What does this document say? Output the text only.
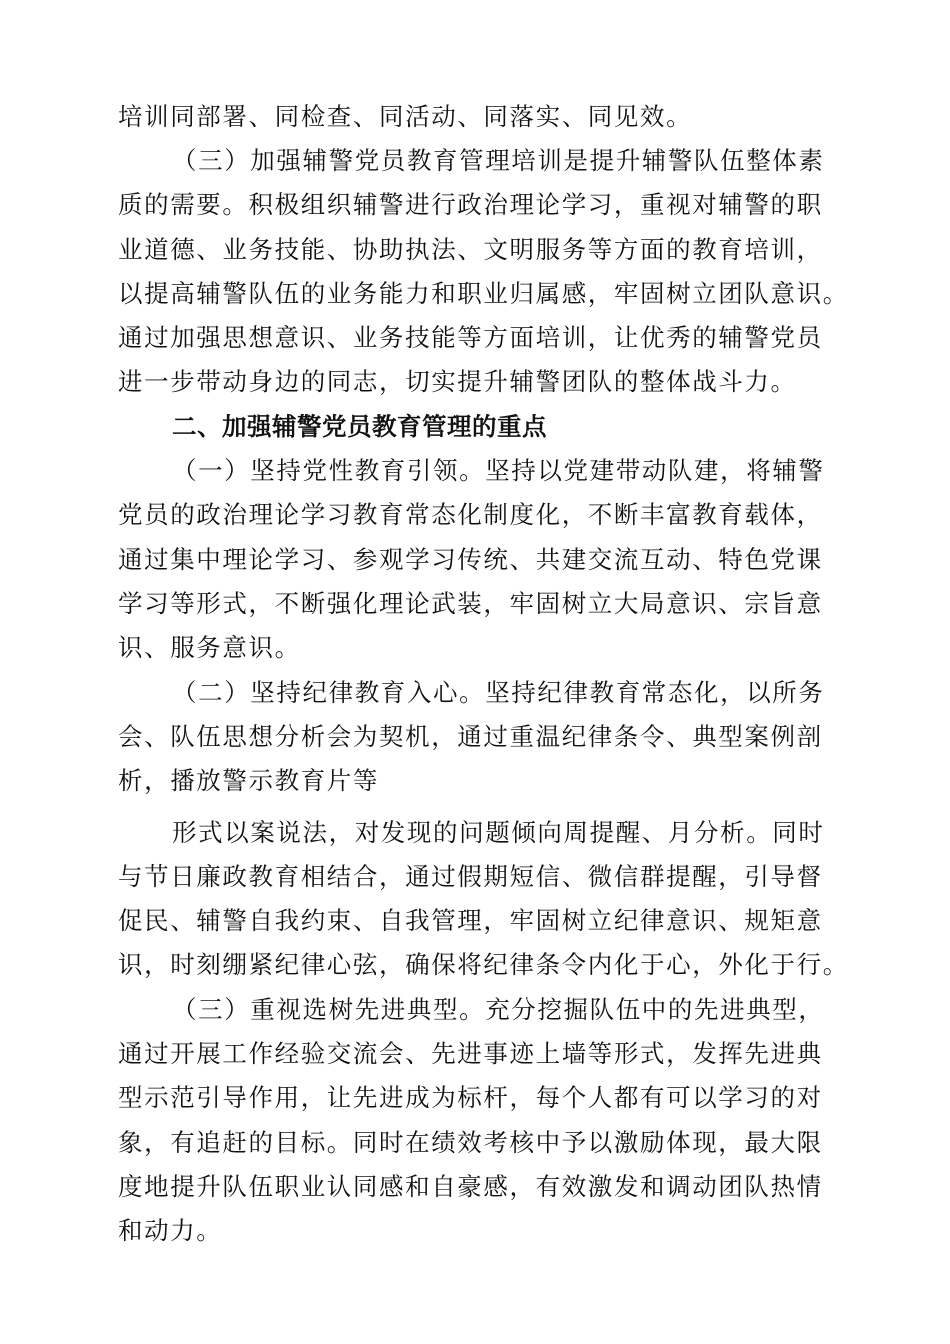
培训同部署、同检查、同活动、同落实、同见效。
（三）加强辅警党员教育管理培训是提升辅警队伍整体素
质的需要。积极组织辅警进行政治理论学习，重视对辅警的职
业道德、业务技能、协助执法、文明服务等方面的教育培训，
以提高辅警队伍的业务能力和职业归属感，牢固树立团队意识。
通过加强思想意识、业务技能等方面培训，让优秀的辅警党员
进一步带动身边的同志，切实提升辅警团队的整体战斗力。
二、加强辅警党员教育管理的重点
（一）坚持党性教育引领。坚持以党建带动队建，将辅警
党员的政治理论学习教育常态化制度化，不断丰富教育载体，
通过集中理论学习、参观学习传统、共建交流互动、特色党课
学习等形式，不断强化理论武装，牢固树立大局意识、宗旨意
识、服务意识。
（二）坚持纪律教育入心。坚持纪律教育常态化，以所务
会、队伍思想分析会为契机，通过重温纪律条令、典型案例剖
析，播放警示教育片等
形式以案说法，对发现的问题倾向周提醒、月分析。同时
与节日廉政教育相结合，通过假期短信、微信群提醒，引导督
促民、辅警自我约束、自我管理，牢固树立纪律意识、规矩意
识，时刻绷紧纪律心弦，确保将纪律条令内化于心，外化于行。
（三）重视选树先进典型。充分挖掘队伍中的先进典型，
通过开展工作经验交流会、先进事迹上墙等形式，发挥先进典
型示范引导作用，让先进成为标杆，每个人都有可以学习的对
象，有追赶的目标。同时在绩效考核中予以激励体现，最大限
度地提升队伍职业认同感和自豪感，有效激发和调动团队热情
和动力。
